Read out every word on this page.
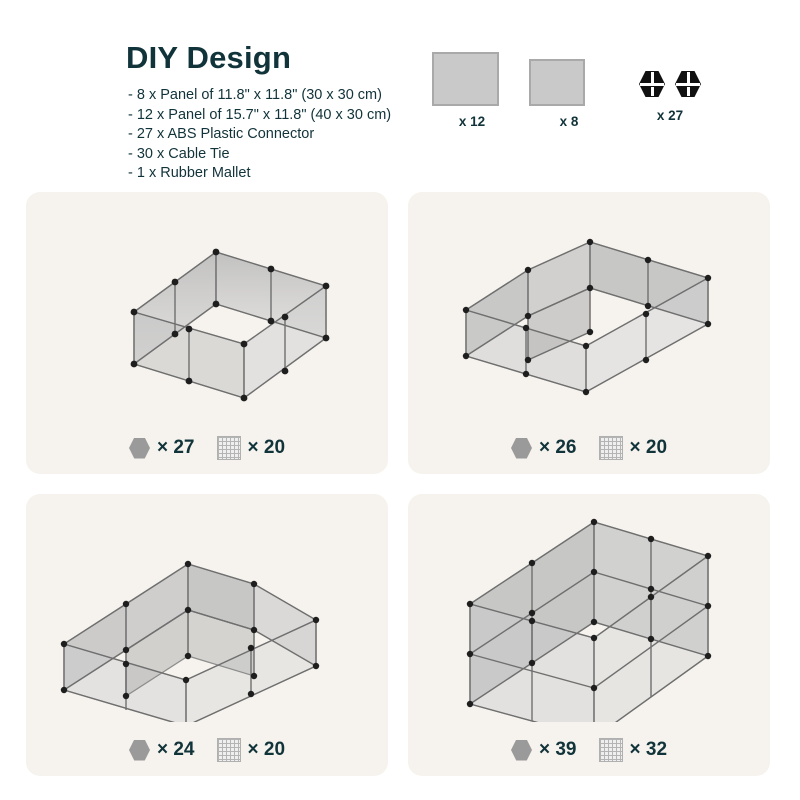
DIY Design
- 8 x Panel of 11.8" x 11.8" (30 x 30 cm)
- 12 x Panel of 15.7" x 11.8" (40 x 30 cm)
- 27 x ABS Plastic Connector
- 30 x Cable Tie
- 1 x Rubber Mallet
x 12	x 8	x 27
× 27	× 20	× 26	× 20
× 24	× 20	× 39	× 32
